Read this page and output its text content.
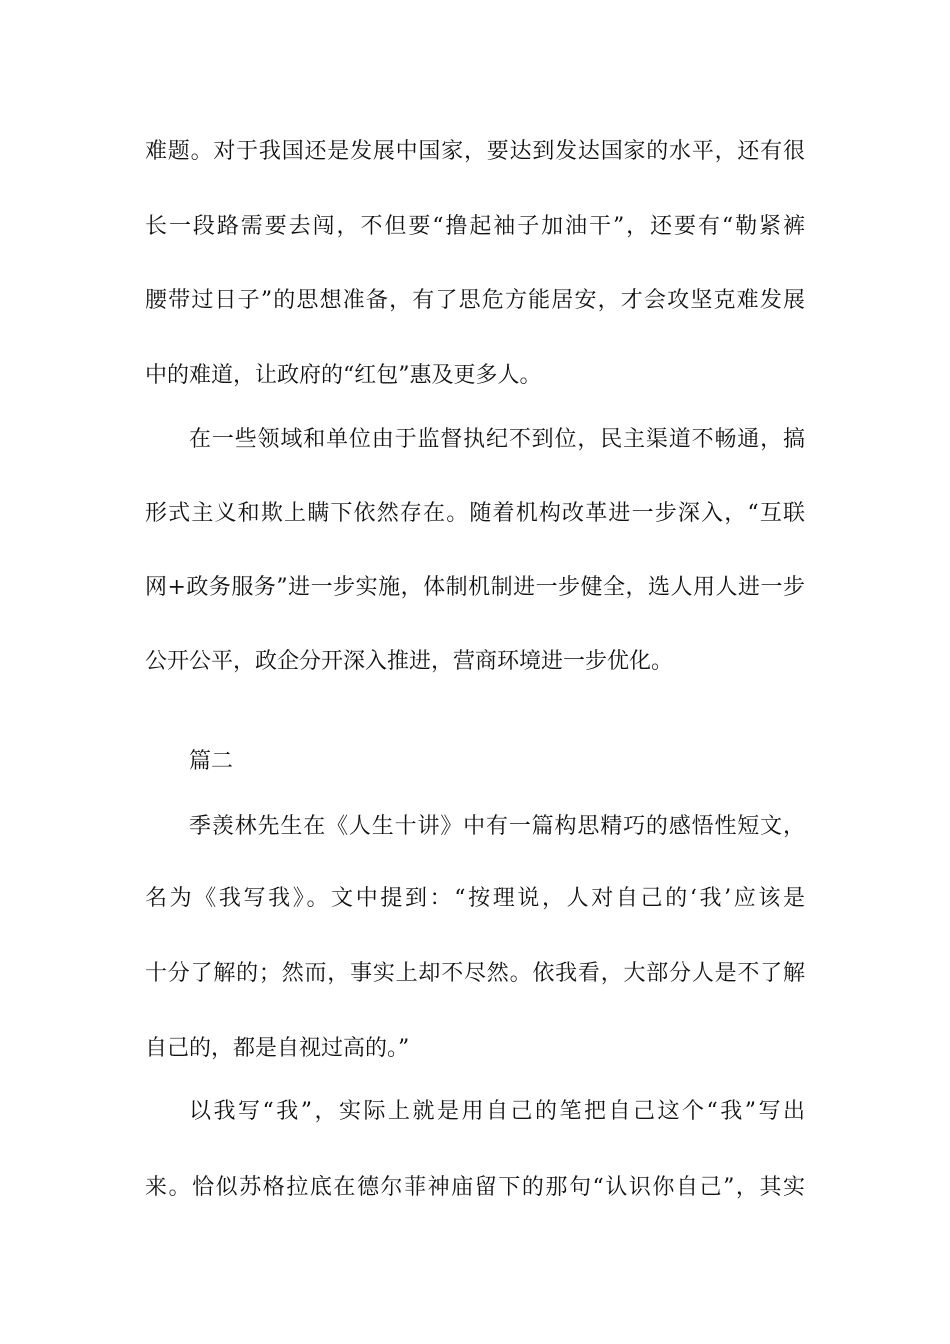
难题。对于我国还是发展中国家，要达到发达国家的水平，还有很
长一段路需要去闯，不但要“撸起袖子加油干”，还要有“勒紧裤
腰带过日子”的思想准备，有了思危方能居安，才会攻坚克难发展
中的难道，让政府的“红包”惠及更多人。
在一些领域和单位由于监督执纪不到位，民主渠道不畅通，搞
形式主义和欺上瞒下依然存在。随着机构改革进一步深入，“互联
网+政务服务”进一步实施，体制机制进一步健全，选人用人进一步
公开公平，政企分开深入推进，营商环境进一步优化。
篇二
季羡林先生在《人生十讲》中有一篇构思精巧的感悟性短文，
名为《我写我》。文中提到：“按理说，人对自己的‘我’应该是
十分了解的；然而，事实上却不尽然。依我看，大部分人是不了解
自己的，都是自视过高的。”
以我写“我”，实际上就是用自己的笔把自己这个“我”写出
来。恰似苏格拉底在德尔菲神庙留下的那句“认识你自己”，其实
